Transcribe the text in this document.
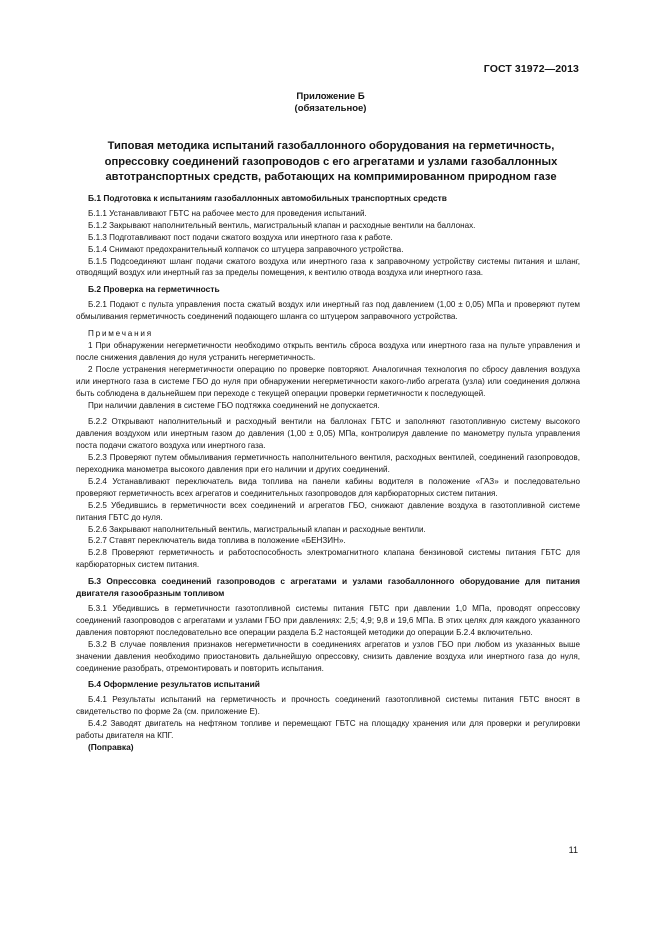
ГОСТ 31972—2013
Приложение Б
(обязательное)
Типовая методика испытаний газобаллонного оборудования на герметичность,
опрессовку соединений газопроводов с его агрегатами и узлами газобаллонных
автотранспортных средств, работающих на компримированном природном газе

Б.1 Подготовка к испытаниям газобаллонных автомобильных транспортных средств

Б.1.1 Устанавливают ГБТС на рабочее место для проведения испытаний.

Б.1.2 Закрывают наполнительный вентиль, магистральный клапан и расходные вентили на баллонах.

Б.1.3 Подготавливают пост подачи сжатого воздуха или инертного газа к работе.

Б.1.4 Снимают предохранительный колпачок со штуцера заправочного устройства.

Б.1.5 Подсоединяют шланг подачи сжатого воздуха или инертного газа к заправочному устройству системы питания и шланг, отводящий воздух или инертный газ за пределы помещения, к вентилю отвода воздуха или инертного газа.

Б.2 Проверка на герметичность

Б.2.1 Подают с пульта управления поста сжатый воздух или инертный газ под давлением (1,00 ± 0,05) МПа и проверяют путем обмыливания герметичность соединений подающего шланга со штуцером заправочного устройства.

Примечания

1 При обнаружении негерметичности необходимо открыть вентиль сброса воздуха или инертного газа на пульте управления и после снижения давления до нуля устранить негерметичность.

2 После устранения негерметичности операцию по проверке повторяют. Аналогичная технология по сбросу давления воздуха или инертного газа в системе ГБО до нуля при обнаружении негерметичности какого-либо агрегата (узла) или соединения должна быть соблюдена в дальнейшем при переходе с текущей операции проверки герметичности к последующей.

При наличии давления в системе ГБО подтяжка соединений не допускается.

Б.2.2 Открывают наполнительный и расходный вентили на баллонах ГБТС и заполняют газотопливную систему высокого давления воздухом или инертным газом до давления (1,00 ± 0,05) МПа, контролируя давление по манометру пульта управления поста подачи сжатого воздуха или инертного газа.

Б.2.3 Проверяют путем обмыливания герметичность наполнительного вентиля, расходных вентилей, соединений газопроводов, переходника манометра высокого давления при его наличии и других соединений.

Б.2.4 Устанавливают переключатель вида топлива на панели кабины водителя в положение «ГАЗ» и последовательно проверяют герметичность всех агрегатов и соединительных газопроводов для карбюраторных систем питания.

Б.2.5 Убедившись в герметичности всех соединений и агрегатов ГБО, снижают давление воздуха в газотопливной системе питания ГБТС до нуля.

Б.2.6 Закрывают наполнительный вентиль, магистральный клапан и расходные вентили.

Б.2.7 Ставят переключатель вида топлива в положение «БЕНЗИН».

Б.2.8 Проверяют герметичность и работоспособность электромагнитного клапана бензиновой системы питания ГБТС для карбюраторных систем питания.

Б.3 Опрессовка соединений газопроводов с агрегатами и узлами газобаллонного оборудование для питания двигателя газообразным топливом

Б.3.1 Убедившись в герметичности газотопливной системы питания ГБТС при давлении 1,0 МПа, проводят опрессовку соединений газопроводов с агрегатами и узлами ГБО при давлениях: 2,5; 4,9; 9,8 и 19,6 МПа. В этих целях для каждого указанного давления повторяют последовательно все операции раздела Б.2 настоящей методики до операции Б.2.4 включительно.

Б.3.2 В случае появления признаков негерметичности в соединениях агрегатов и узлов ГБО при любом из указанных выше значении давления необходимо приостановить дальнейшую опрессовку, снизить давление воздуха или инертного газа до нуля, соединение разобрать, отремонтировать и повторить испытания.

Б.4 Оформление результатов испытаний

Б.4.1 Результаты испытаний на герметичность и прочность соединений газотопливной системы питания ГБТС вносят в свидетельство по форме 2а (см. приложение Е).

Б.4.2 Заводят двигатель на нефтяном топливе и перемещают ГБТС на площадку хранения или для проверки и регулировки работы двигателя на КПГ.

(Поправка)

11
